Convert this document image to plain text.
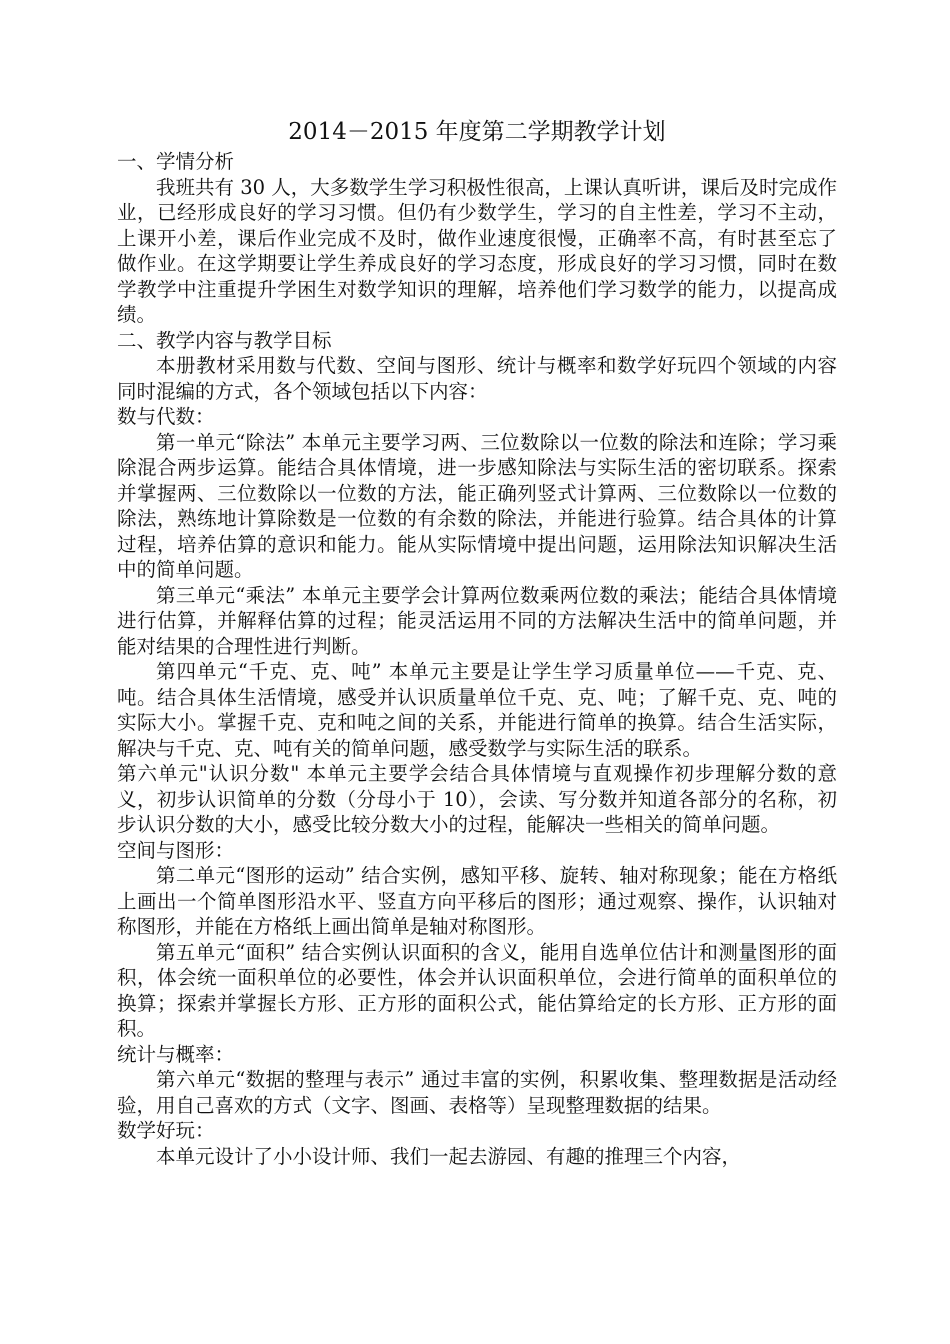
2014－2015 年度第二学期教学计划

一、学情分析

我班共有 30 人，大多数学生学习积极性很高，上课认真听讲，课后及时完成作业，已经形成良好的学习习惯。但仍有少数学生，学习的自主性差，学习不主动，上课开小差，课后作业完成不及时，做作业速度很慢，正确率不高，有时甚至忘了做作业。在这学期要让学生养成良好的学习态度，形成良好的学习习惯，同时在数学教学中注重提升学困生对数学知识的理解，培养他们学习数学的能力，以提高成绩。

二、教学内容与教学目标

本册教材采用数与代数、空间与图形、统计与概率和数学好玩四个领域的内容同时混编的方式，各个领域包括以下内容：

数与代数：

第一单元“除法” 本单元主要学习两、三位数除以一位数的除法和连除；学习乘除混合两步运算。能结合具体情境，进一步感知除法与实际生活的密切联系。探索并掌握两、三位数除以一位数的方法，能正确列竖式计算两、三位数除以一位数的除法，熟练地计算除数是一位数的有余数的除法，并能进行验算。结合具体的计算过程，培养估算的意识和能力。能从实际情境中提出问题，运用除法知识解决生活中的简单问题。

第三单元“乘法” 本单元主要学会计算两位数乘两位数的乘法；能结合具体情境进行估算，并解释估算的过程；能灵活运用不同的方法解决生活中的简单问题，并能对结果的合理性进行判断。

第四单元“千克、克、吨” 本单元主要是让学生学习质量单位——千克、克、吨。结合具体生活情境，感受并认识质量单位千克、克、吨；了解千克、克、吨的实际大小。掌握千克、克和吨之间的关系，并能进行简单的换算。结合生活实际，解决与千克、克、吨有关的简单问题，感受数学与实际生活的联系。

第六单元"认识分数" 本单元主要学会结合具体情境与直观操作初步理解分数的意义，初步认识简单的分数（分母小于 10），会读、写分数并知道各部分的名称，初步认识分数的大小，感受比较分数大小的过程，能解决一些相关的简单问题。

空间与图形：

第二单元“图形的运动” 结合实例，感知平移、旋转、轴对称现象；能在方格纸上画出一个简单图形沿水平、竖直方向平移后的图形；通过观察、操作，认识轴对称图形，并能在方格纸上画出简单是轴对称图形。

第五单元“面积” 结合实例认识面积的含义，能用自选单位估计和测量图形的面积，体会统一面积单位的必要性，体会并认识面积单位，会进行简单的面积单位的换算；探索并掌握长方形、正方形的面积公式，能估算给定的长方形、正方形的面积。

统计与概率：

第六单元“数据的整理与表示” 通过丰富的实例，积累收集、整理数据是活动经验，用自己喜欢的方式（文字、图画、表格等）呈现整理数据的结果。

数学好玩：

本单元设计了小小设计师、我们一起去游园、有趣的推理三个内容，
